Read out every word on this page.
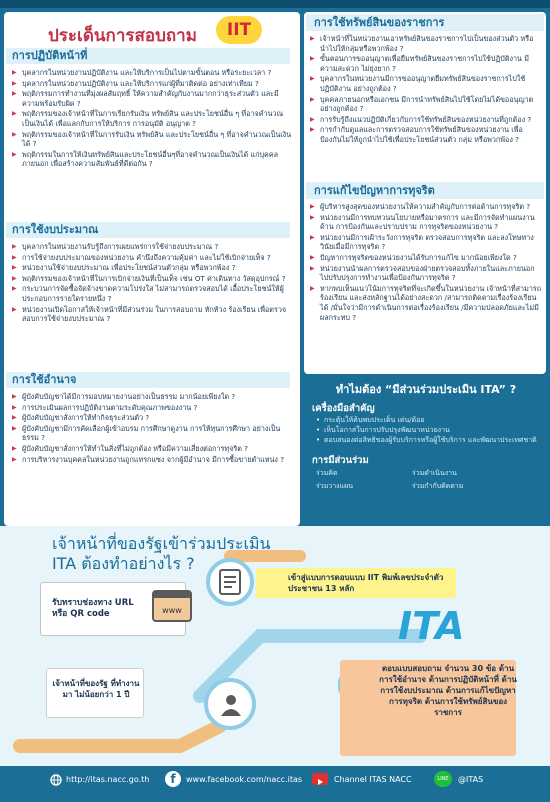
ประเด็นการสอบถาม	IIT
การปฏิบัติหน้าที่
▶ บุคลากรในหน่วยงานปฏิบัติงาน และให้บริการเป็นไปตามขั้นตอน หรือระยะเวลา ?
▶ บุคลากรในหน่วยงานปฏิบัติงาน และให้บริการแก่ผู้ที่มาติดต่อ อย่างเท่าเทียม ?
▶ พฤติกรรมการทำงานที่มุ่งผลสัมฤทธิ์ ให้ความสำคัญกับงานมากกว่าธุระส่วนตัว และมีความพร้อมรับผิด ?
▶ พฤติกรรมของเจ้าหน้าที่ในการเรียกรับเงิน ทรัพย์สิน และประโยชน์อื่น ๆ ที่อาจคำนวณ เป็นเงินได้ เพื่อแลกกับการให้บริการ การอนุมัติ อนุญาต ?
▶ พฤติกรรมของเจ้าหน้าที่ในการรับเงิน ทรัพย์สิน และประโยชน์อื่น ๆ ที่อาจคำนวณเป็นเงินได้ ?
▶ พฤติกรรมในการให้เงินทรัพย์สินและประโยชน์อื่นๆที่อาจคำนวณเป็นเงินได้ แก่บุคคลภายนอก เพื่อสร้างความสัมพันธ์ที่ดีต่อกัน ?
การใช้งบประมาณ
▶ บุคลากรในหน่วยงานรับรู้ถึงการเผยแพร่การใช้จ่ายงบประมาณ ?
▶ การใช้จ่ายงบประมาณของหน่วยงาน คำนึงถึงความคุ้มค่า และไม่ใช้เบิกจ่ายเท็จ ?
▶ หน่วยงานใช้จ่ายงบประมาณ เพื่อประโยชน์ส่วนตัวกลุ่ม หรือพวกพ้อง ?
▶ พฤติกรรมของเจ้าหน้าที่ในการเบิกจ่ายเงินที่เป็นเท็จ เช่น OT ค่าเดินทาง วัสดุอุปกรณ์ ?
▶ กระบวนการจัดซื้อจัดจ้างขาดความโปร่งใส ไม่สามารถตรวจสอบได้ เอื้อประโยชน์ให้ผู้ประกอบการรายใดรายหนึ่ง ?
▶ หน่วยงานเปิดโอกาสให้เจ้าหน้าที่มีส่วนร่วม ในการสอบถาม ทักท้วง ร้องเรียน เพื่อตรวจสอบการใช้จ่ายงบประมาณ ?
การใช้อำนาจ
▶ ผู้บังคับบัญชาได้มีการมอบหมายงานอย่างเป็นธรรม มากน้อยเพียงใด ?
▶ การประเมินผลการปฏิบัติงานตามระดับคุณภาพของงาน ?
▶ ผู้บังคับบัญชาสั่งการให้ทำกิจธุระส่วนตัว ?
▶ ผู้บังคับบัญชามีการคัดเลือกผู้เข้าอบรม การศึกษาดูงาน การให้ทุนการศึกษา อย่างเป็นธรรม ?
▶ ผู้บังคับบัญชาสั่งการให้ทำในสิ่งที่ไม่ถูกต้อง หรือมีความเสี่ยงต่อการทุจริต ?
▶ การบริหารงานบุคคลในหน่วยงานถูกแทรกแซง จากผู้มีอำนาจ มีการซื้อขายตำแหน่ง ?
การใช้ทรัพย์สินของราชการ
▶ เจ้าหน้าที่ในหน่วยงานเอาทรัพย์สินของราชการไปเป็นของส่วนตัว หรือนำไปให้กลุ่มหรือพวกพ้อง ?
▶ ขั้นตอนการขออนุญาตเพื่อยืมทรัพย์สินของราชการไปใช้ปฏิบัติงาน มีความสะดวก ไม่ยุ่งยาก ?
▶ บุคลากรในหน่วยงานมีการขออนุญาตยืมทรัพย์สินของราชการไปใช้ปฏิบัติงาน อย่างถูกต้อง ?
▶ บุคคลภายนอกหรือเอกชน มีการนำทรัพย์สินไปใช้โดยไม่ได้ขออนุญาต อย่างถูกต้อง ?
▶ การรับรู้ถึงแนวปฏิบัติเกี่ยวกับการใช้ทรัพย์สินของหน่วยงานที่ถูกต้อง ?
▶ การกำกับดูแลและการตรวจสอบการใช้ทรัพย์สินของหน่วยงาน เพื่อป้องกันไม่ให้ถูกนำไปใช้เพื่อประโยชน์ส่วนตัว กลุ่ม หรือพวกพ้อง ?
การแก้ไขปัญหาการทุจริต
▶ ผู้บริหารสูงสุดของหน่วยงานให้ความสำคัญกับการต่อต้านการทุจริต ?
▶ หน่วยงานมีการทบทวนนโยบายหรือมาตรการ และมีการจัดทำแผนงานด้าน การป้องกันและปราบปราม การทุจริตของหน่วยงาน ?
▶ หน่วยงานมีการเฝ้าระวังการทุจริต ตรวจสอบการทุจริต และลงโทษทางวินัยเมื่อมีการทุจริต ?
▶ ปัญหาการทุจริตของหน่วยงานได้รับการแก้ไข มากน้อยเพียงใด ?
▶ หน่วยงานนำผลการตรวจสอบของฝ่ายตรวจสอบทั้งภายในและภายนอก ไปปรับปรุงการทำงานเพื่อป้องกันการทุจริต ?
▶ หากพบเห็นแนวโน้มการทุจริตที่จะเกิดขึ้นในหน่วยงาน เจ้าหน้าที่สามารถร้องเรียน และส่งหลักฐานได้อย่างสะดวก /สามารถติดตามเรื่องร้องเรียนได้ /มั่นใจว่ามีการดำเนินการต่อเรื่องร้องเรียน /มีความปลอดภัยและไม่มีผลกระทบ ?
ทำไมต้อง “มีส่วนร่วมประเมิน ITA” ?
เครื่องมือสำคัญ
• กระตุ้นให้ค้นพบประเด็น เด่น/ด้อย
• เห็นโอกาสในการปรับปรุงพัฒนาหน่วยงาน
• ตอบสนองต่อสิทธิของผู้รับบริการหรือผู้ใช้บริการ และพัฒนาประเทศชาติ
การมีส่วนร่วม
ร่วมคิด	ร่วมดำเนินงาน
ร่วมวางแผน	ร่วมกำกับติดตาม
เจ้าหน้าที่ของรัฐเข้าร่วมประเมิน
ITA ต้องทำอย่างไร ?
www
รับทราบช่องทาง URL หรือ QR code
เข้าสู่แบบการตอบแบบ IIT พิมพ์เลขประจำตัวประชาชน 13 หลัก
ITA
เจ้าหน้าที่ของรัฐ ที่ทำงานมา ไม่น้อยกว่า 1 ปี
ตอบแบบสอบถาม จำนวน 30 ข้อ ด้านการใช้อำนาจ ด้านการปฏิบัติหน้าที่ ด้านการใช้งบประมาณ ด้านการแก้ไขปัญหาการทุจริต ด้านการใช้ทรัพย์สินของราชการ
http://itas.nacc.go.th	f	www.facebook.com/nacc.itas	Channel ITAS NACC	LINE	@ITAS
